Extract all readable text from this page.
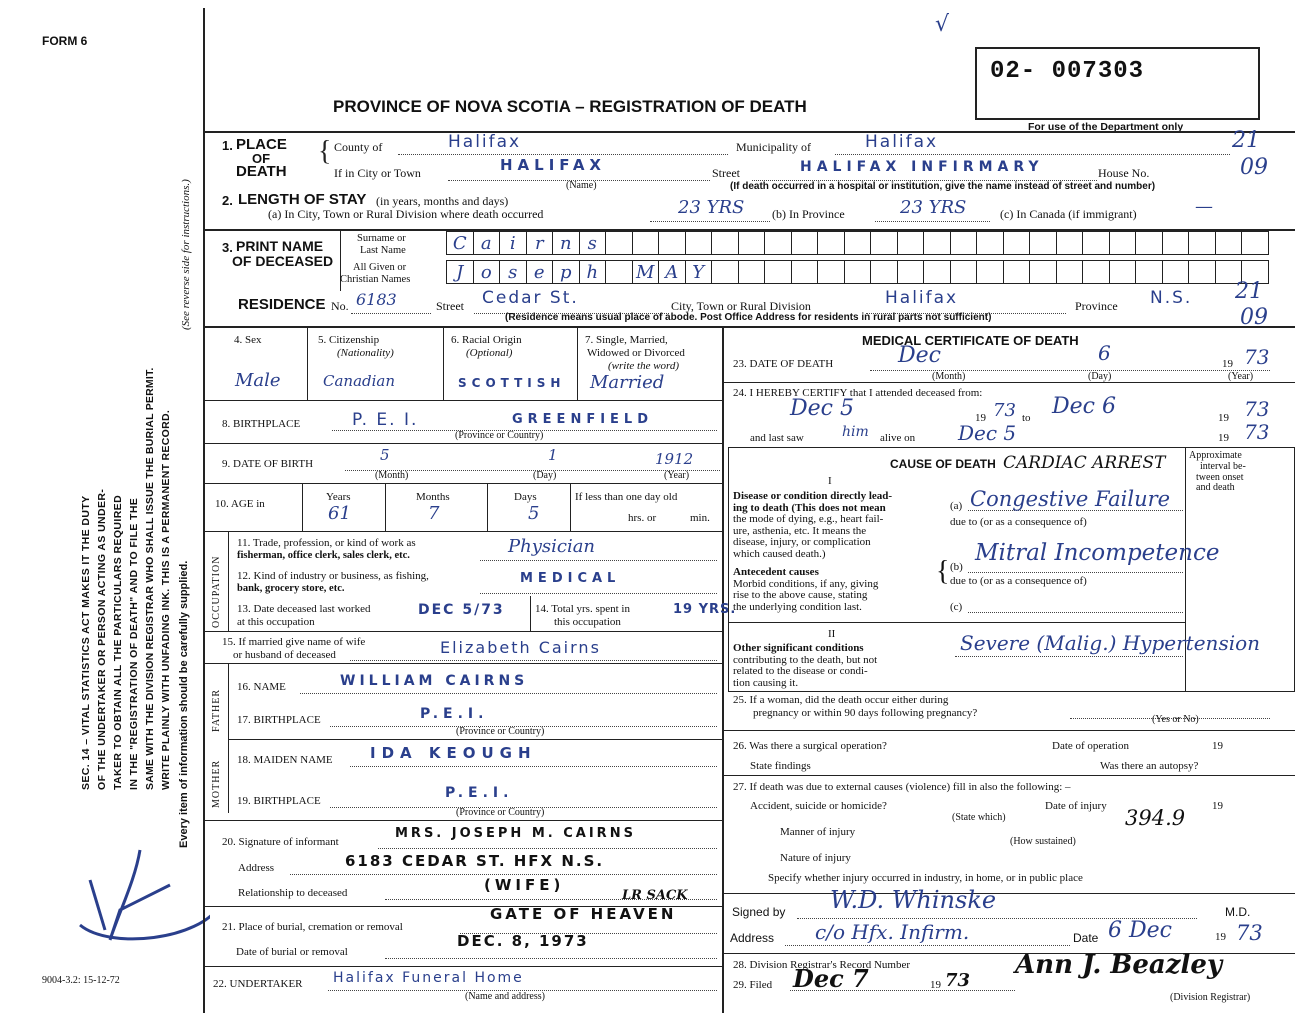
FORM 6
9004-3.2: 15-12-72
SEC. 14 – VITAL STATISTICS ACT MAKES IT THE DUTY OF THE UNDERTAKER OR PERSON ACTING AS UNDER- TAKER TO OBTAIN ALL THE PARTICULARS REQUIRED IN THE "REGISTRATION OF DEATH" AND TO FILE THE SAME WITH THE DIVISION REGISTRAR WHO SHALL ISSUE THE BURIAL PERMIT. WRITE PLAINLY WITH UNFADING INK. THIS IS A PERMANENT RECORD. Every item of information should be carefully supplied.
(See reverse side for instructions.)
√
02- 007303
For use of the Department only
PROVINCE OF NOVA SCOTIA – REGISTRATION OF DEATH
1. PLACE
OF
DEATH
{ County of	Halifax	Municipality of	Halifax	21
If in City or Town	HALIFAX
(Name)
Street	HALIFAX INFIRMARY	House No.	09
(If death occurred in a hospital or institution, give the name instead of street and number)
2. LENGTH OF STAY (in years, months and days)
(a) In City, Town or Rural Division where death occurred	23 YRS (b) In Province	23 YRS	(c) In Canada (if immigrant)	—
3. PRINT NAME
OF DECEASED
Surname or
Last Name
All Given or
Christian Names
C a	i	r n s
J o s e p h	M A Y
RESIDENCE No. 6183	Street Cedar St.	City, Town or Rural Division	Halifax	Province N.S. 21
09
(Residence means usual place of abode. Post Office Address for residents in rural parts not sufficient)
4. Sex
Male
5. Citizenship
(Nationality)
Canadian
6. Racial Origin
(Optional)
SCOTTISH
7. Single, Married,
Widowed or Divorced
(write the word)
Married
8. BIRTHPLACE	P. E. I.	GREENFIELD
(Province or Country)
9. DATE OF BIRTH	5	1	1912
(Month)	(Day)	(Year)
10. AGE in
Years	Months	Days	If less than one day old
hrs. or	min.
61	7	5
OCCUPATION
11. Trade, profession, or kind of work as
fisherman, office clerk, sales clerk, etc.	Physician
12. Kind of industry or business, as fishing,
bank, grocery store, etc.
MEDICAL
13. Date deceased last worked
at this occupation
DEC 5/73	14. Total yrs. spent in
this occupation
19 YRS.
15. If married give name of wife
or husband of deceased	Elizabeth Cairns
FATHER
16. NAME	WILLIAM CAIRNS
17. BIRTHPLACE	P.E.I.
(Province or Country)
MOTHER 18. MAIDEN NAME IDA KEOUGH
19. BIRTHPLACE	P.E.I.
(Province or Country)
20. Signature of informant
MRS. JOSEPH M. CAIRNS
Address	6183 CEDAR ST. HFX N.S.
Relationship to deceased	(WIFE)
LR SACK
21. Place of burial, cremation or removal
GATE OF HEAVEN
Date of burial or removal
DEC. 8, 1973
22. UNDERTAKER Halifax Funeral Home
(Name and address)
MEDICAL CERTIFICATE OF DEATH
23. DATE OF DEATH	Dec	6	19 73
(Month)	(Day)	(Year)
24. I HEREBY CERTIFY that I attended deceased from:
Dec 5	19 73 to Dec 6	19 73
and last saw	him alive on Dec 5	19 73
CAUSE OF DEATH
Approximate
interval be-
tween onset
and death
I
II
Disease or condition directly lead-
ing to death (This does not mean
the mode of dying, e.g., heart fail-
ure, asthenia, etc. It means the
disease, injury, or complication
which caused death.)
Antecedent causes
Morbid conditions, if any, giving
rise to the above cause, stating
the underlying condition last.
Other significant conditions
contributing to the death, but not
related to the disease or condi-
tion causing it.
{
(a)
CARDIAC ARREST
Congestive Failure
due to (or as a consequence of)
(b)
Mitral Incompetence
due to (or as a consequence of)
(c)
Severe (Malig.) Hypertension
25. If a woman, did the death occur either during
pregnancy or within 90 days following pregnancy?
(Yes or No)
26. Was there a surgical operation?	Date of operation	19
State findings	Was there an autopsy?
27. If death was due to external causes (violence) fill in also the following: –
Accident, suicide or homicide?	Date of injury	19
(State which)	394.9
Manner of injury
(How sustained)
Nature of injury
Specify whether injury occurred in industry, in home, or in public place
Signed by W.D. Whinske	M.D.
Address c/o Hfx. Infirm.	Date 6 Dec	19 73
28. Division Registrar's Record Number
29. Filed Dec 7	19 73
Ann J. Beazley
(Division Registrar)
